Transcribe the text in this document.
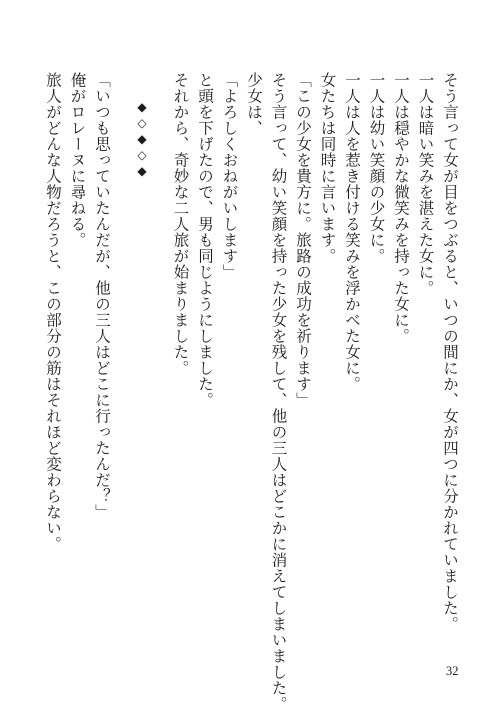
そう言って女が目をつぶると、いつの間にか、女が四つに分かれていました。
一人は暗い笑みを湛えた女に。
一人は穏やかな微笑みを持った女に。
一人は幼い笑顔の少女に。
一人は人を惹き付ける笑みを浮かべた女に。
女たちは同時に言います。
「この少女を貴方に。旅路の成功を祈ります」
そう言って、幼い笑顔を持った少女を残して、他の三人はどこかに消えてしまいました。
少女は、
「よろしくおねがいします」
と頭を下げたので、男も同じようにしました。
それから、奇妙な二人旅が始まりました。
◆◇◆◇◆
「いつも思っていたんだが、他の三人はどこに行ったんだ？」
俺がロレーヌに尋ねる。
旅人がどんな人物だろうと、この部分の筋はそれほど変わらない。
32
